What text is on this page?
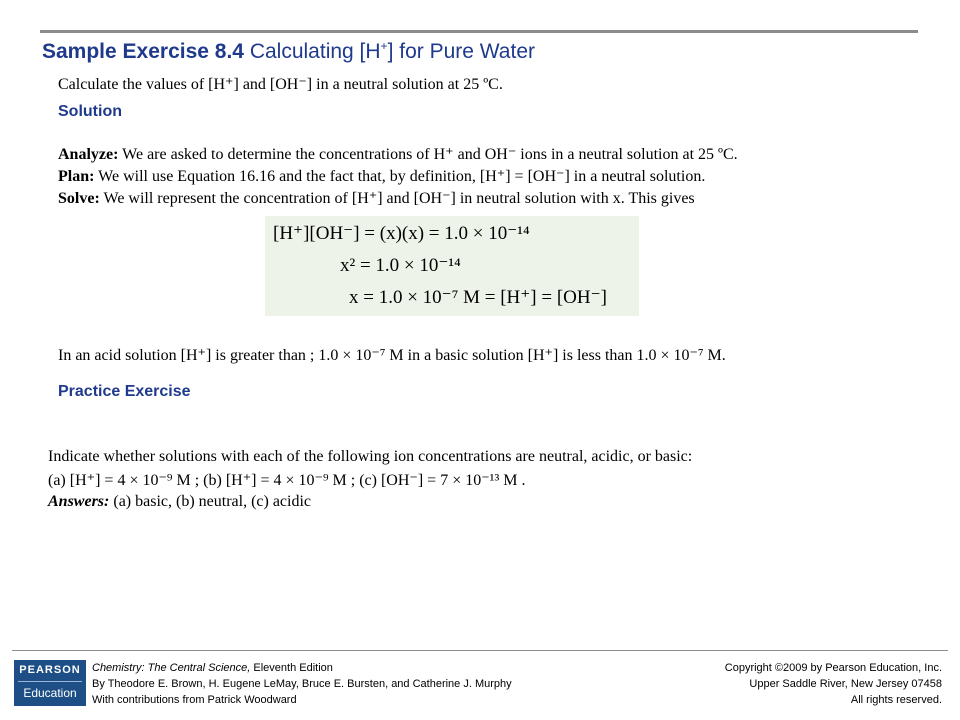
Sample Exercise 8.4 Calculating [H+] for Pure Water
Calculate the values of [H⁺] and [OH⁻] in a neutral solution at 25 ºC.
Solution
Analyze: We are asked to determine the concentrations of H⁺ and OH⁻ ions in a neutral solution at 25 ºC.
Plan: We will use Equation 16.16 and the fact that, by definition, [H⁺] = [OH⁻] in a neutral solution.
Solve: We will represent the concentration of [H⁺] and [OH⁻] in neutral solution with x. This gives
[H⁺][OH⁻] = (x)(x) = 1.0 × 10⁻¹⁴
x² = 1.0 × 10⁻¹⁴
x = 1.0 × 10⁻⁷ M = [H⁺] = [OH⁻]
In an acid solution [H⁺] is greater than ; 1.0 × 10⁻⁷ M in a basic solution [H⁺] is less than 1.0 × 10⁻⁷ M.
Practice Exercise
Indicate whether solutions with each of the following ion concentrations are neutral, acidic, or basic:
(a) [H⁺] = 4 × 10⁻⁹ M ; (b) [H⁺] = 4 × 10⁻⁹ M ; (c) [OH⁻] = 7 × 10⁻¹³ M .
Answers: (a) basic, (b) neutral, (c) acidic
PEARSON
Education
Chemistry: The Central Science, Eleventh Edition
By Theodore E. Brown, H. Eugene LeMay, Bruce E. Bursten, and Catherine J. Murphy
With contributions from Patrick Woodward
Copyright ©2009 by Pearson Education, Inc.
Upper Saddle River, New Jersey 07458
All rights reserved.
